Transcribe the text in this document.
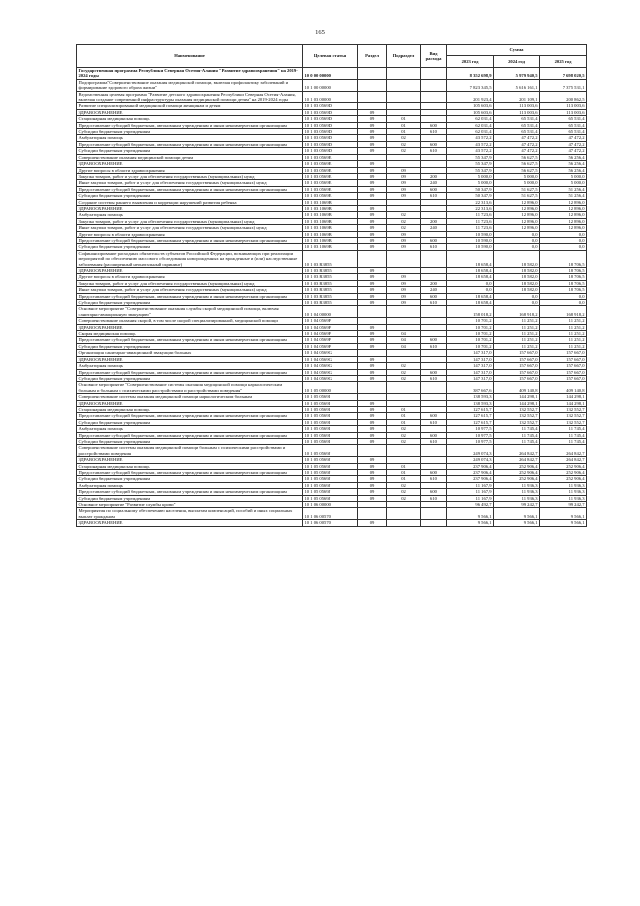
165
Наименование	Целевая статья	Раздел	Подраздел	Вид расхода	Сумма		
					2023 год	2024 год	2025 год
Государственная программа Республики Северная Осетия-Алания "Развитие здравоохранения" на 2019-2024 годы	10 0 00 00000				8 352 698,9	5 979 940,5	7 698 020,5
Подпрограмма"Совершенствование оказания медицинской помощи, включая профилактику заболеваний и формирование здорового образа жизни"	10 1 00 00000				7 823 345,5	5 616 161,1	7 375 531,1
Ведомственная целевая программа "Развитие детского здравоохранения Республики Северная Осетия-Алания, включая создание современной инфраструктуры оказания медицинской помощи детям" на 2019-2024 годы	10 1 03 00000				201 923,4	201 109,1	200 862,5
Развитие специализированной медицинской помощи женщинам и детям	10 1 03 0569D				105 603,6	113 003,6	113 003,6
ЗДРАВООХРАНЕНИЕ	10 1 03 0569D	09			105 603,6	113 003,6	113 003,6
Стационарная медицинская помощь	10 1 03 0569D	09	01		62 031,4	65 531,4	65 531,4
Предоставление субсидий бюджетным, автономным учреждениям и иным некоммерческим организациям	10 1 03 0569D	09	01	600	62 031,4	65 531,4	65 531,4
Субсидии бюджетным учреждениям	10 1 03 0569D	09	01	610	62 031,4	65 531,4	65 531,4
Амбулаторная помощь	10 1 03 0569D	09	02		43 572,2	47 472,2	47 472,2
Предоставление субсидий бюджетным, автономным учреждениям и иным некоммерческим организациям	10 1 03 0569D	09	02	600	43 572,2	47 472,2	47 472,2
Субсидии бюджетным учреждениям	10 1 03 0569D	09	02	610	43 572,2	47 472,2	47 472,2
Совершенствование оказания медицинской помощи детям	10 1 03 0569E				55 347,9	56 627,5	56 256,4
ЗДРАВООХРАНЕНИЕ	10 1 03 0569E	09			55 347,9	56 627,5	56 256,4
Другие вопросы в области здравоохранения	10 1 03 0569E	09	09		55 347,9	56 627,5	56 256,4
Закупка товаров, работ и услуг для обеспечения государственных (муниципальных) нужд	10 1 03 0569E	09	09	200	5 000,0	5 000,0	5 000,0
Иные закупки товаров, работ и услуг для обеспечения государственных (муниципальных) нужд	10 1 03 0569E	09	09	240	5 000,0	5 000,0	5 000,0
Предоставление субсидий бюджетным, автономным учреждениям и иным некоммерческим организациям	10 1 03 0569E	09	09	600	50 347,9	51 627,5	51 256,4
Субсидии бюджетным учреждениям	10 1 03 0569E	09	09	610	50 347,9	51 627,5	51 256,4
Создание системы раннего выявления и коррекции нарушений развития ребенка	10 1 03 1069B				22 313,6	12 896,0	12 896,0
ЗДРАВООХРАНЕНИЕ	10 1 03 1069B	09			22 313,6	12 896,0	12 896,0
Амбулаторная помощь	10 1 03 1069B	09	02		11 723,6	12 896,0	12 896,0
Закупка товаров, работ и услуг для обеспечения государственных (муниципальных) нужд	10 1 03 1069B	09	02	200	11 723,6	12 896,0	12 896,0
Иные закупки товаров, работ и услуг для обеспечения государственных (муниципальных) нужд	10 1 03 1069B	09	02	240	11 723,6	12 896,0	12 896,0
Другие вопросы в области здравоохранения	10 1 03 1069B	09	09		10 590,0	0,0	0,0
Предоставление субсидий бюджетным, автономным учреждениям и иным некоммерческим организациям	10 1 03 1069B	09	09	600	10 590,0	0,0	0,0
Субсидии бюджетным учреждениям	10 1 03 1069B	09	09	610	10 590,0	0,0	0,0
Софинансирование расходных обязательств субъектов Российской Федерации, возникающих при реализации мероприятий по обеспечению массового обследования новорожденных на врожденные и (или) наследственные заболевания (расширенный неонатальный скрининг)	10 1 03 R3855				18 658,4	18 582,0	18 706,5
ЗДРАВООХРАНЕНИЕ	10 1 03 R3855	09			18 658,4	18 582,0	18 706,5
Другие вопросы в области здравоохранения	10 1 03 R3855	09	09		18 658,4	18 582,0	18 706,5
Закупка товаров, работ и услуг для обеспечения государственных (муниципальных) нужд	10 1 03 R3855	09	09	200	0,0	18 582,0	18 706,5
Иные закупки товаров, работ и услуг для обеспечения государственных (муниципальных) нужд	10 1 03 R3855	09	09	240	0,0	18 582,0	18 706,5
Предоставление субсидий бюджетным, автономным учреждениям и иным некоммерческим организациям	10 1 03 R3855	09	09	600	18 658,4	0,0	0,0
Субсидии бюджетным учреждениям	10 1 03 R3855	09	09	610	18 658,4	0,0	0,0
Основное мероприятие "Совершенствование оказания службы скорой медицинской помощи, включая санитарно-авиационную эвакуацию"	10 1 04 00000				158 018,2	168 918,2	168 918,2
Совершенствование оказания скорой, в том числе скорой специализированной, медицинской помощи	10 1 04 0569F				10 701,2	11 251,2	11 251,2
ЗДРАВООХРАНЕНИЕ	10 1 04 0569F	09			10 701,2	11 251,2	11 251,2
Скорая медицинская помощь	10 1 04 0569F	09	04		10 701,2	11 251,2	11 251,2
Предоставление субсидий бюджетным, автономным учреждениям и иным некоммерческим организациям	10 1 04 0569F	09	04	600	10 701,2	11 251,2	11 251,2
Субсидии бюджетным учреждениям	10 1 04 0569F	09	04	610	10 701,2	11 251,2	11 251,2
Организация санитарно-авиационной эвакуации больных	10 1 04 0569G				147 317,0	157 667,0	157 667,0
ЗДРАВООХРАНЕНИЕ	10 1 04 0569G	09			147 317,0	157 667,0	157 667,0
Амбулаторная помощь	10 1 04 0569G	09	02		147 317,0	157 667,0	157 667,0
Предоставление субсидий бюджетным, автономным учреждениям и иным некоммерческим организациям	10 1 04 0569G	09	02	600	147 317,0	157 667,0	157 667,0
Субсидии бюджетным учреждениям	10 1 04 0569G	09	02	610	147 317,0	157 667,0	157 667,0
Основное мероприятие "Совершенствование системы оказания медицинской помощи наркологическим больным и больным с психическими расстройствами и расстройствами поведения"	10 1 05 00000				387 667,6	409 140,8	409 140,8
Совершенствование системы оказания медицинской помощи наркологическим больным	10 1 05 0569I				138 593,3	144 298,1	144 298,1
ЗДРАВООХРАНЕНИЕ	10 1 05 0569I	09			138 593,3	144 298,1	144 298,1
Стационарная медицинская помощь	10 1 05 0569I	09	01		127 615,7	132 552,7	132 552,7
Предоставление субсидий бюджетным, автономным учреждениям и иным некоммерческим организациям	10 1 05 0569I	09	01	600	127 615,7	132 552,7	132 552,7
Субсидии бюджетным учреждениям	10 1 05 0569I	09	01	610	127 615,7	132 552,7	132 552,7
Амбулаторная помощь	10 1 05 0569I	09	02		10 977,5	11 745,4	11 745,4
Предоставление субсидий бюджетным, автономным учреждениям и иным некоммерческим организациям	10 1 05 0569I	09	02	600	10 977,5	11 745,4	11 745,4
Субсидии бюджетным учреждениям	10 1 05 0569I	09	02	610	10 977,5	11 745,4	11 745,4
Совершенствование системы оказания медицинской помощи больным с психическими расстройствами и расстройствами поведения	10 1 05 0569J				249 074,3	264 842,7	264 842,7
ЗДРАВООХРАНЕНИЕ	10 1 05 0569J	09			249 074,3	264 842,7	264 842,7
Стационарная медицинская помощь	10 1 05 0569J	09	01		237 906,4	252 906,4	252 906,4
Предоставление субсидий бюджетным, автономным учреждениям и иным некоммерческим организациям	10 1 05 0569J	09	01	600	237 906,4	252 906,4	252 906,4
Субсидии бюджетным учреждениям	10 1 05 0569J	09	01	610	237 906,4	252 906,4	252 906,4
Амбулаторная помощь	10 1 05 0569J	09	02		11 167,9	11 936,3	11 936,3
Предоставление субсидий бюджетным, автономным учреждениям и иным некоммерческим организациям	10 1 05 0569J	09	02	600	11 167,9	11 936,3	11 936,3
Субсидии бюджетным учреждениям	10 1 05 0569J	09	02	610	11 167,9	11 936,3	11 936,3
Основное мероприятие "Развитие службы крови"	10 1 06 00000				96 492,7	99 242,7	99 242,7
Мероприятия по социальному обеспечению населения, выплатам компенсаций, пособий и иных социальных выплат гражданам	10 1 06 00570				9 566,1	9 566,1	9 566,1
ЗДРАВООХРАНЕНИЕ	10 1 06 00570	09			9 566,1	9 566,1	9 566,1
